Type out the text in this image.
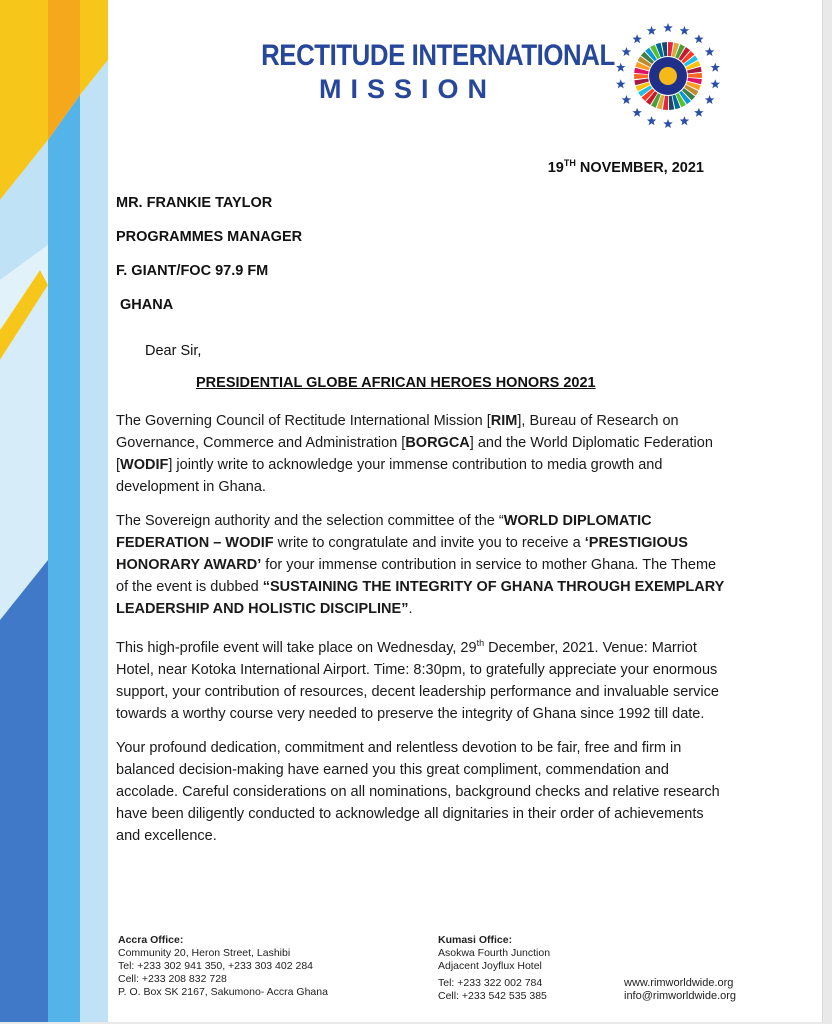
RECTITUDE INTERNATIONAL
MISSION
19TH NOVEMBER, 2021
MR. FRANKIE TAYLOR
PROGRAMMES MANAGER
F. GIANT/FOC 97.9 FM
GHANA
Dear Sir,
PRESIDENTIAL GLOBE AFRICAN HEROES HONORS 2021

The Governing Council of Rectitude International Mission [RIM], Bureau of Research on Governance, Commerce and Administration [BORGCA] and the World Diplomatic Federation [WODIF] jointly write to acknowledge your immense contribution to media growth and development in Ghana.

The Sovereign authority and the selection committee of the “WORLD DIPLOMATIC FEDERATION – WODIF write to congratulate and invite you to receive a ‘PRESTIGIOUS HONORARY AWARD’ for your immense contribution in service to mother Ghana. The Theme of the event is dubbed “SUSTAINING THE INTEGRITY OF GHANA THROUGH EXEMPLARY LEADERSHIP AND HOLISTIC DISCIPLINE”.

This high-profile event will take place on Wednesday, 29th December, 2021. Venue: Marriot Hotel, near Kotoka International Airport. Time: 8:30pm, to gratefully appreciate your enormous support, your contribution of resources, decent leadership performance and invaluable service towards a worthy course very needed to preserve the integrity of Ghana since 1992 till date.

Your profound dedication, commitment and relentless devotion to be fair, free and firm in balanced decision-making have earned you this great compliment, commendation and accolade. Careful considerations on all nominations, background checks and relative research have been diligently conducted to acknowledge all dignitaries in their order of achievements and excellence.

Accra Office:
Community 20, Heron Street, Lashibi
Tel: +233 302 941 350, +233 303 402 284
Cell: +233 208 832 728
P. O. Box SK 2167, Sakumono- Accra Ghana
Kumasi Office:
Asokwa Fourth Junction
Adjacent Joyflux Hotel
Tel: +233 322 002 784
Cell: +233 542 535 385
www.rimworldwide.org
info@rimworldwide.org
